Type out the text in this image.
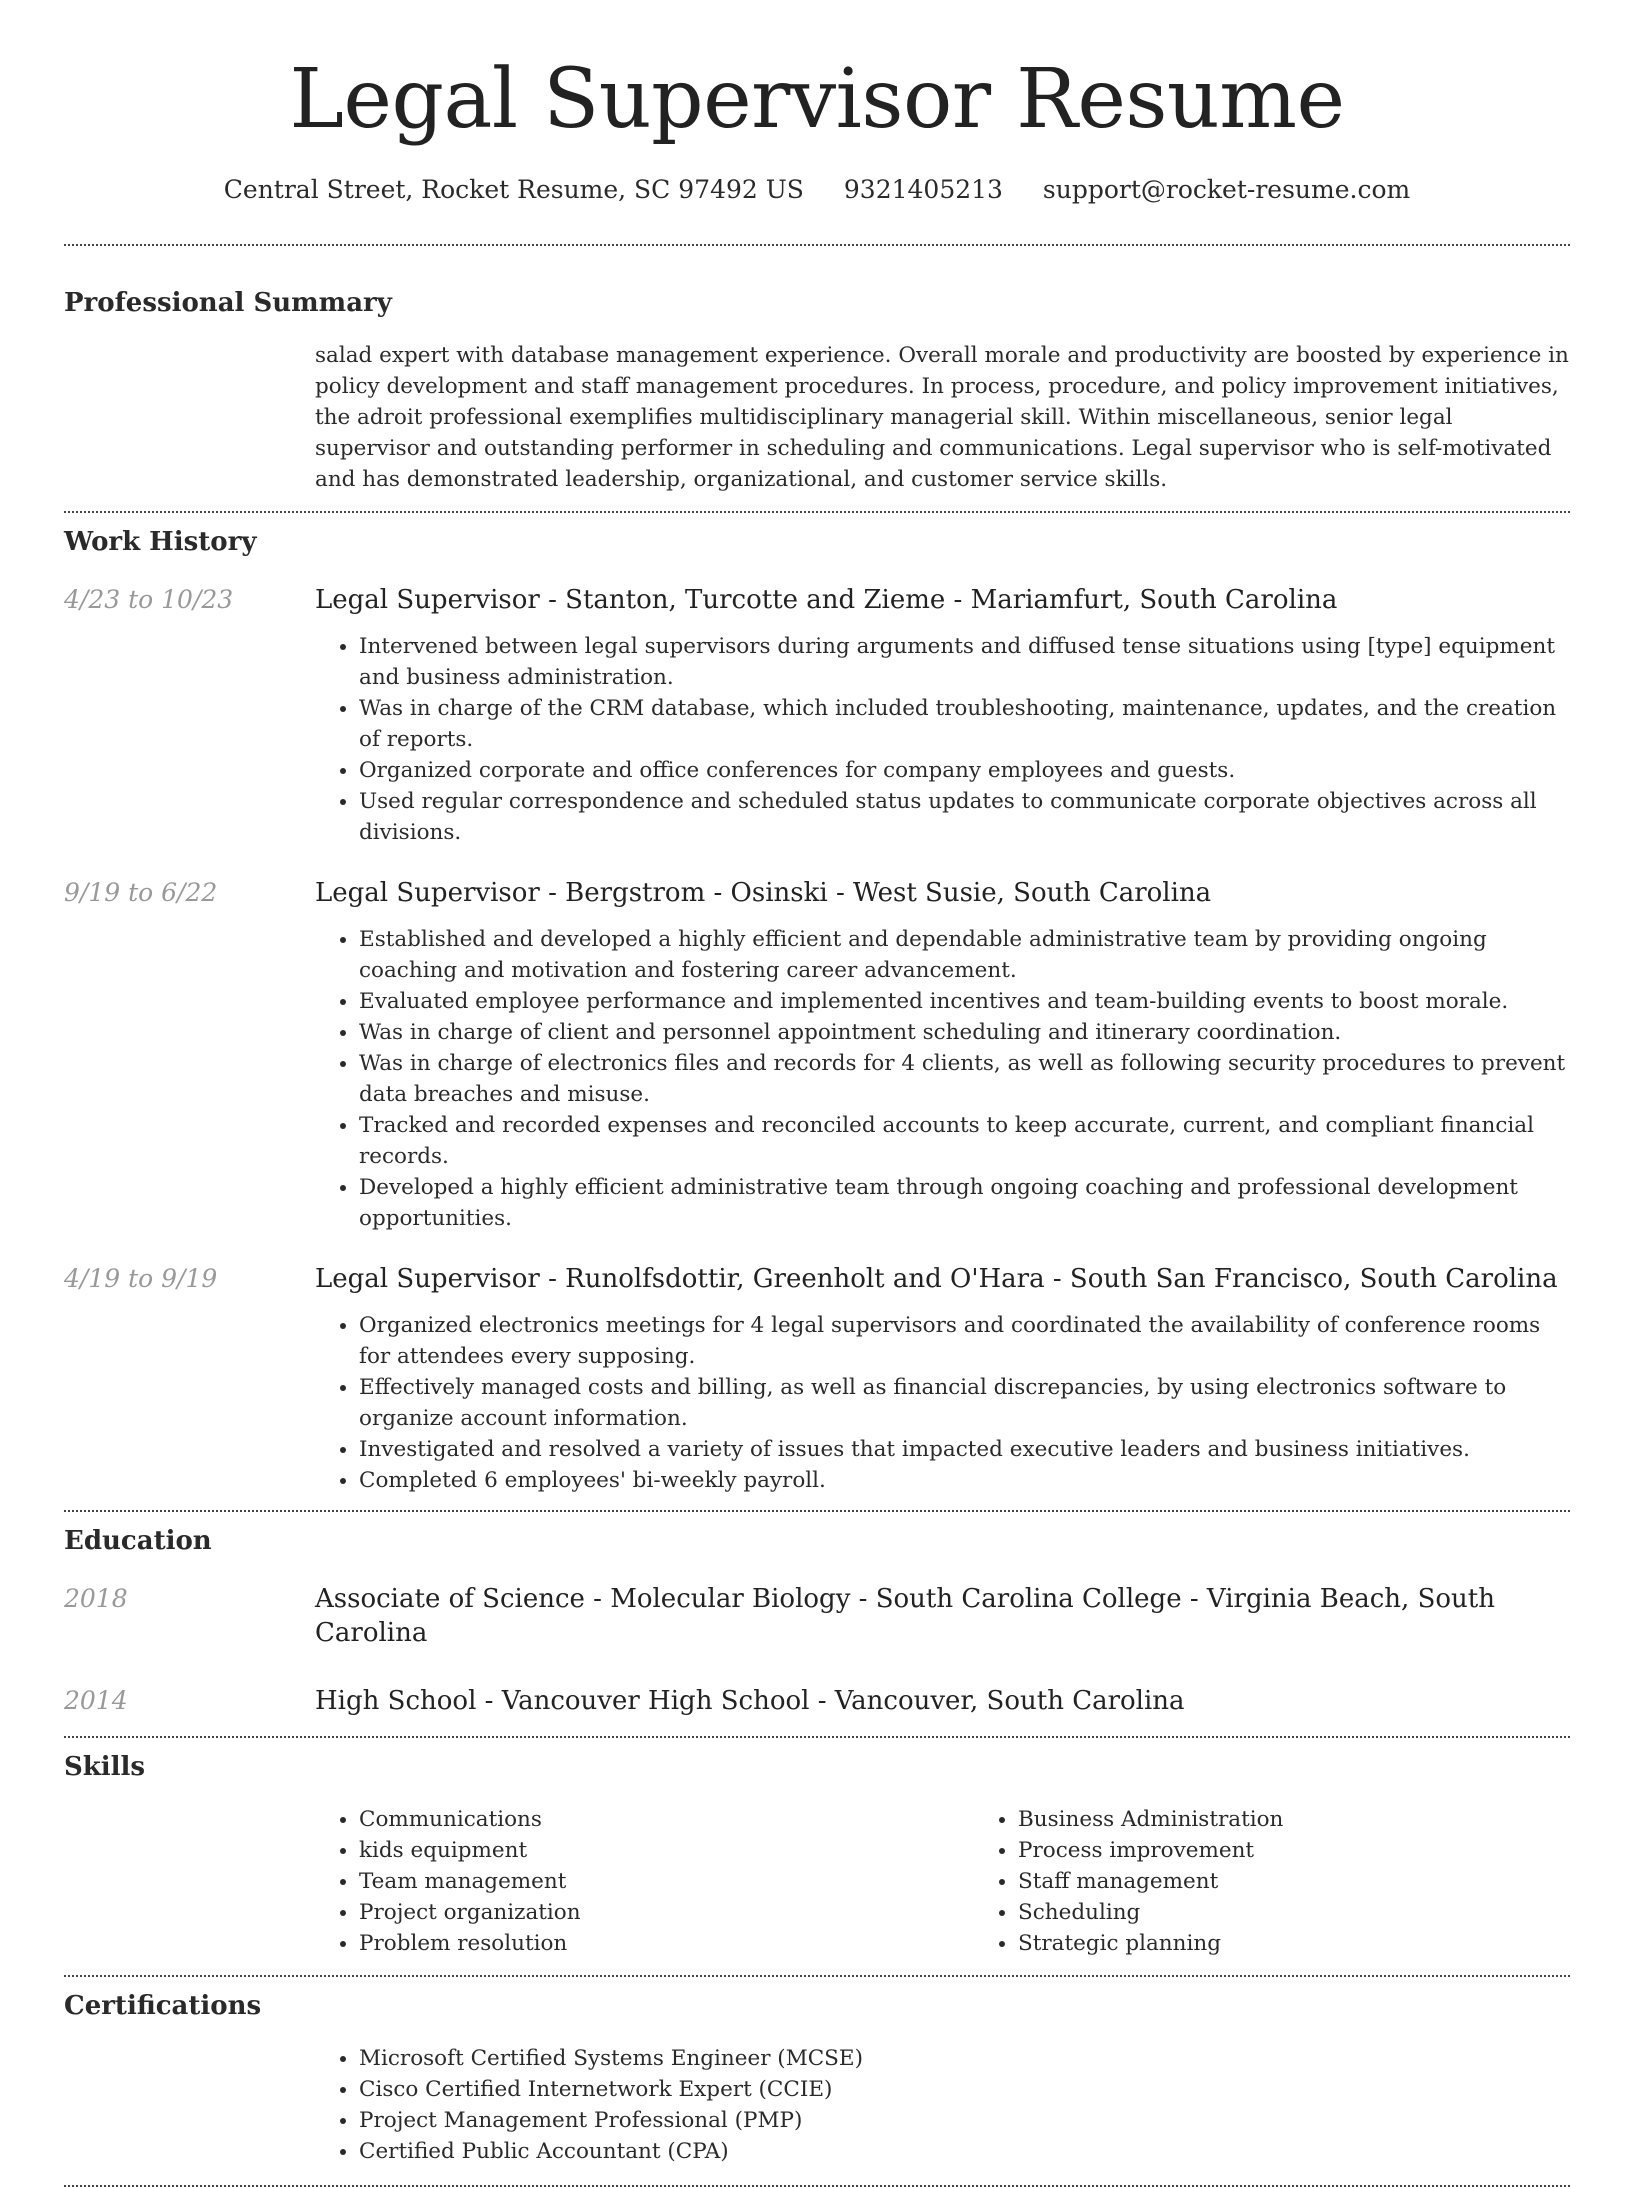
Legal Supervisor Resume
Central Street, Rocket Resume, SC 97492 US 9321405213 support@rocket-resume.com
Professional Summary
salad expert with database management experience. Overall morale and productivity are boosted by experience in policy development and staff management procedures. In process, procedure, and policy improvement initiatives, the adroit professional exemplifies multidisciplinary managerial skill. Within miscellaneous, senior legal supervisor and outstanding performer in scheduling and communications. Legal supervisor who is self-motivated and has demonstrated leadership, organizational, and customer service skills.
Work History
4/23 to 10/23	Legal Supervisor - Stanton, Turcotte and Zieme - Mariamfurt, South Carolina
• Intervened between legal supervisors during arguments and diffused tense situations using [type] equipment and business administration.
• Was in charge of the CRM database, which included troubleshooting, maintenance, updates, and the creation of reports.
• Organized corporate and office conferences for company employees and guests.
• Used regular correspondence and scheduled status updates to communicate corporate objectives across all divisions.
9/19 to 6/22	Legal Supervisor - Bergstrom - Osinski - West Susie, South Carolina
• Established and developed a highly efficient and dependable administrative team by providing ongoing coaching and motivation and fostering career advancement.
• Evaluated employee performance and implemented incentives and team-building events to boost morale.
• Was in charge of client and personnel appointment scheduling and itinerary coordination.
• Was in charge of electronics files and records for 4 clients, as well as following security procedures to prevent data breaches and misuse.
• Tracked and recorded expenses and reconciled accounts to keep accurate, current, and compliant financial records.
• Developed a highly efficient administrative team through ongoing coaching and professional development opportunities.
4/19 to 9/19	Legal Supervisor - Runolfsdottir, Greenholt and O'Hara - South San Francisco, South Carolina
• Organized electronics meetings for 4 legal supervisors and coordinated the availability of conference rooms for attendees every supposing.
• Effectively managed costs and billing, as well as financial discrepancies, by using electronics software to organize account information.
• Investigated and resolved a variety of issues that impacted executive leaders and business initiatives.
• Completed 6 employees' bi-weekly payroll.
Education
2018	Associate of Science - Molecular Biology - South Carolina College - Virginia Beach, South Carolina
2014	High School - Vancouver High School - Vancouver, South Carolina
Skills
• Communications
• kids equipment
• Team management
• Project organization
• Problem resolution
• Business Administration
• Process improvement
• Staff management
• Scheduling
• Strategic planning
Certifications
• Microsoft Certified Systems Engineer (MCSE)
• Cisco Certified Internetwork Expert (CCIE)
• Project Management Professional (PMP)
• Certified Public Accountant (CPA)
